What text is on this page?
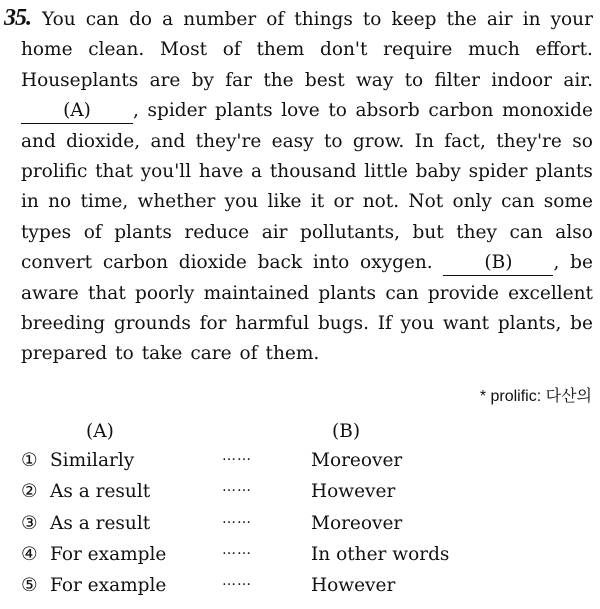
35. You can do a number of things to keep the air in your
home clean. Most of them don't require much effort.
Houseplants are by far the best way to filter indoor air.
(A) , spider plants love to absorb carbon monoxide
and dioxide, and they're easy to grow. In fact, they're so
prolific that you'll have a thousand little baby spider plants
in no time, whether you like it or not. Not only can some
types of plants reduce air pollutants, but they can also
convert carbon dioxide back into oxygen.	(B) , be
aware that poorly maintained plants can provide excellent
breeding grounds for harmful bugs. If you want plants, be
prepared to take care of them.
* prolific: 다산의
(A)	(B)
① Similarly	……	Moreover
② As a result	……	However
③ As a result	……	Moreover
④ For example	……	In other words
⑤ For example	……	However
